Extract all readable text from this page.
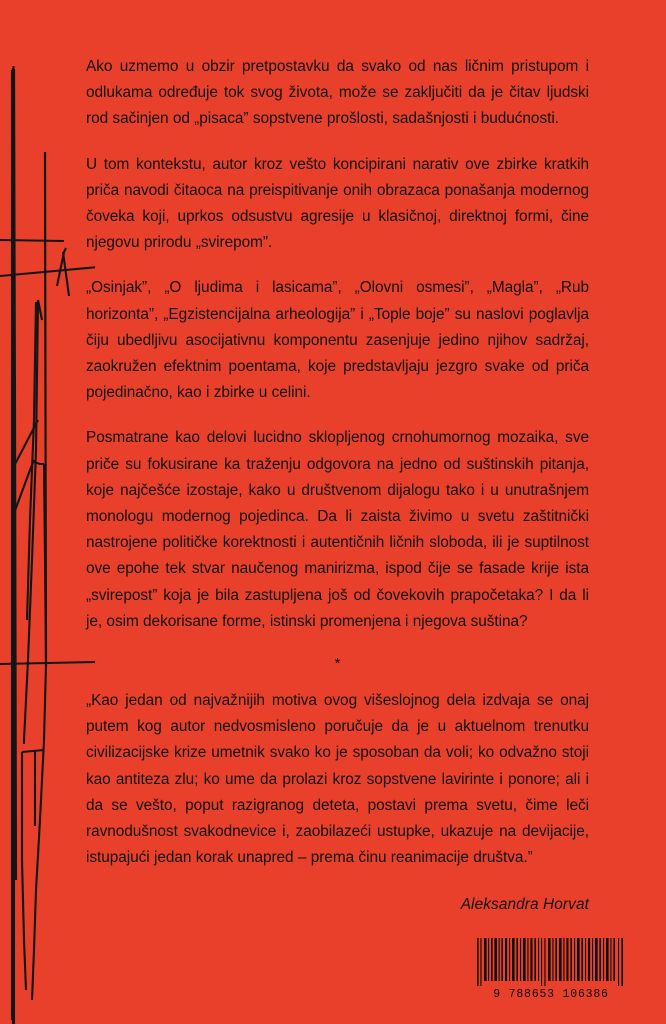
Ako uzmemo u obzir pretpostavku da svako od nas ličnim pristupom i odlukama određuje tok svog života, može se zaključiti da je čitav ljudski rod sačinjen od „pisaca” sopstvene prošlosti, sadašnjosti i budućnosti.

U tom kontekstu, autor kroz vešto koncipirani narativ ove zbirke kratkih priča navodi čitaoca na preispitivanje onih obrazaca ponašanja modernog čoveka koji, uprkos odsustvu agresije u klasičnoj, direktnoj formi, čine njegovu prirodu „svirepom”.

„Osinjak”, „O ljudima i lasicama”, „Olovni osmesi”, „Magla”, „Rub horizonta”, „Egzistencijalna arheologija” i „Tople boje” su naslovi poglavlja čiju ubedljivu asocijativnu komponentu zasenjuje jedino njihov sadržaj, zaokružen efektnim poentama, koje predstavljaju jezgro svake od priča pojedinačno, kao i zbirke u celini.

Posmatrane kao delovi lucidno sklopljenog crnohumornog mozaika, sve priče su fokusirane ka traženju odgovora na jedno od suštinskih pitanja, koje najčešće izostaje, kako u društvenom dijalogu tako i u unutrašnjem monologu modernog pojedinca. Da li zaista živimo u svetu zaštitnički nastrojene političke korektnosti i autentičnih ličnih sloboda, ili je suptilnost ove epohe tek stvar naučenog manirizma, ispod čije se fasade krije ista „svirepost” koja je bila zastupljena još od čovekovih prapočetaka? I da li je, osim dekorisane forme, istinski promenjena i njegova suština?

*

„Kao jedan od najvažnijih motiva ovog višeslojnog dela izdvaja se onaj putem kog autor nedvosmisleno poručuje da je u aktuelnom trenutku civilizacijske krize umetnik svako ko je sposoban da voli; ko odvažno stoji kao antiteza zlu; ko ume da prolazi kroz sopstvene lavirinte i ponore; ali i da se vešto, poput razigranog deteta, postavi prema svetu, čime leči ravnodušnost svakodnevice i, zaobilazeći ustupke, ukazuje na devijacije, istupajući jedan korak unapred – prema činu reanimacije društva.”

Aleksandra Horvat
9 788653 106386
